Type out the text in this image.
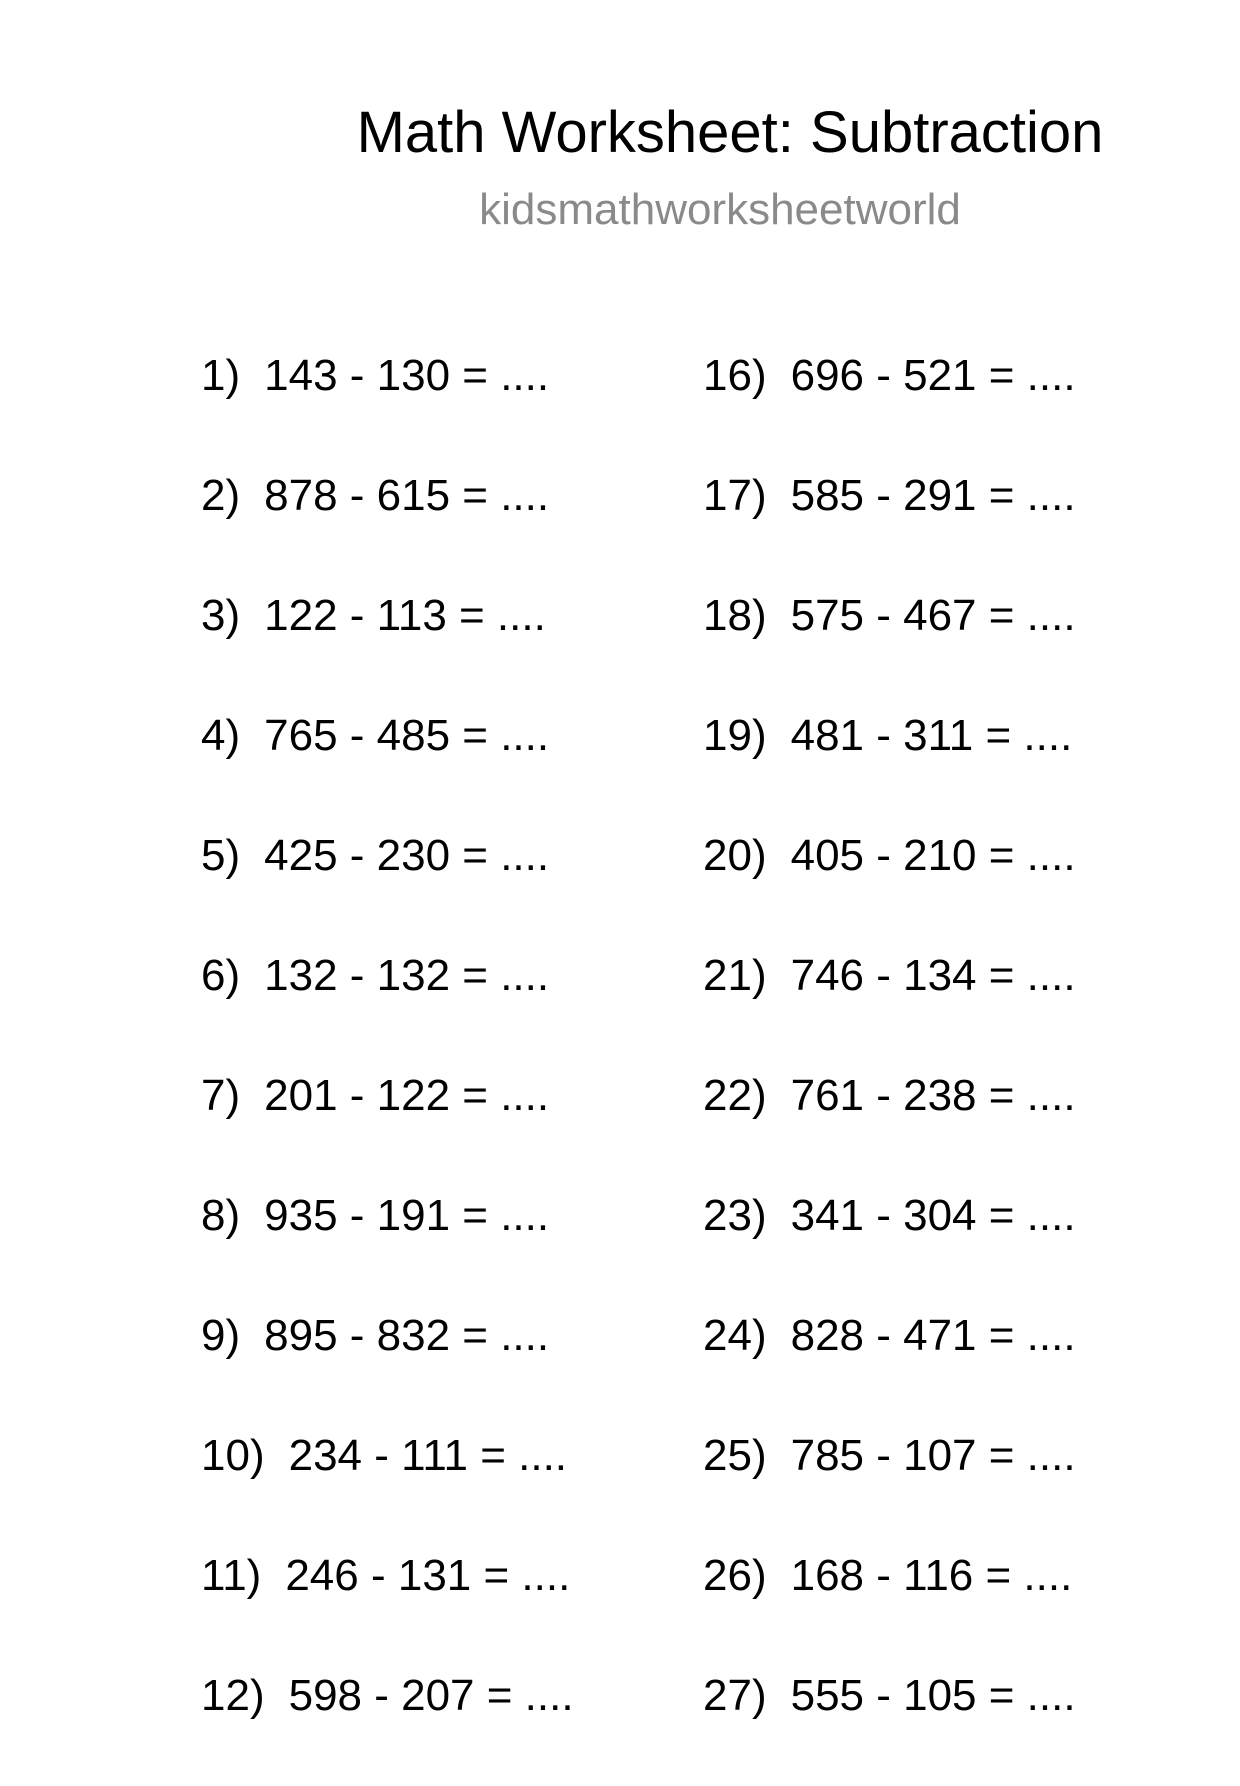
Math Worksheet: Subtraction
kidsmathworksheetworld
1) 143 - 130 = ....
2) 878 - 615 = ....
3) 122 - 113 = ....
4) 765 - 485 = ....
5) 425 - 230 = ....
6) 132 - 132 = ....
7) 201 - 122 = ....
8) 935 - 191 = ....
9) 895 - 832 = ....
10) 234 - 111 = ....
11) 246 - 131 = ....
12) 598 - 207 = ....
16) 696 - 521 = ....
17) 585 - 291 = ....
18) 575 - 467 = ....
19) 481 - 311 = ....
20) 405 - 210 = ....
21) 746 - 134 = ....
22) 761 - 238 = ....
23) 341 - 304 = ....
24) 828 - 471 = ....
25) 785 - 107 = ....
26) 168 - 116 = ....
27) 555 - 105 = ....
